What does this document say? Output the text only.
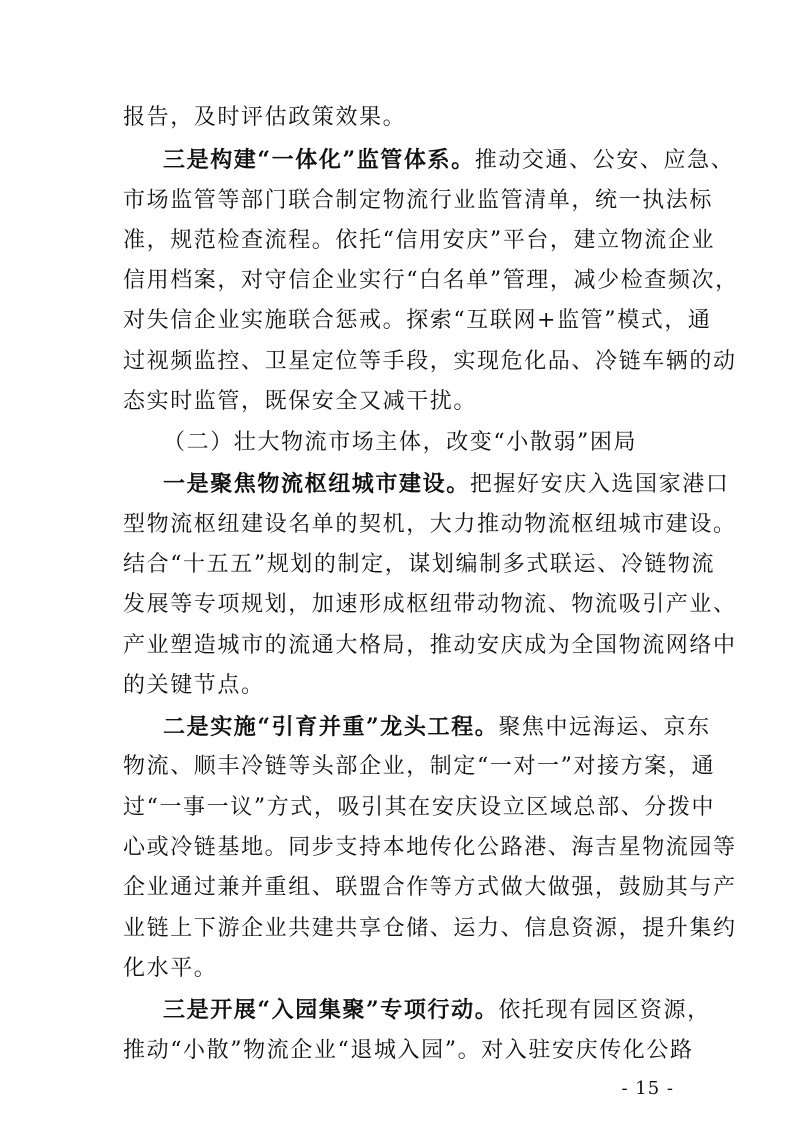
报告，及时评估政策效果。
三是构建“一体化”监管体系。推动交通、公安、应急、
市场监管等部门联合制定物流行业监管清单，统一执法标
准，规范检查流程。依托“信用安庆”平台，建立物流企业
信用档案，对守信企业实行“白名单”管理，减少检查频次，
对失信企业实施联合惩戒。探索“互联网+监管”模式，通
过视频监控、卫星定位等手段，实现危化品、冷链车辆的动
态实时监管，既保安全又减干扰。
（二）壮大物流市场主体，改变“小散弱”困局
一是聚焦物流枢纽城市建设。把握好安庆入选国家港口
型物流枢纽建设名单的契机，大力推动物流枢纽城市建设。
结合“十五五”规划的制定，谋划编制多式联运、冷链物流
发展等专项规划，加速形成枢纽带动物流、物流吸引产业、
产业塑造城市的流通大格局，推动安庆成为全国物流网络中
的关键节点。
二是实施“引育并重”龙头工程。聚焦中远海运、京东
物流、顺丰冷链等头部企业，制定“一对一”对接方案，通
过“一事一议”方式，吸引其在安庆设立区域总部、分拨中
心或冷链基地。同步支持本地传化公路港、海吉星物流园等
企业通过兼并重组、联盟合作等方式做大做强，鼓励其与产
业链上下游企业共建共享仓储、运力、信息资源，提升集约
化水平。
三是开展“入园集聚”专项行动。依托现有园区资源，
推动“小散”物流企业“退城入园”。对入驻安庆传化公路
- 15 -
